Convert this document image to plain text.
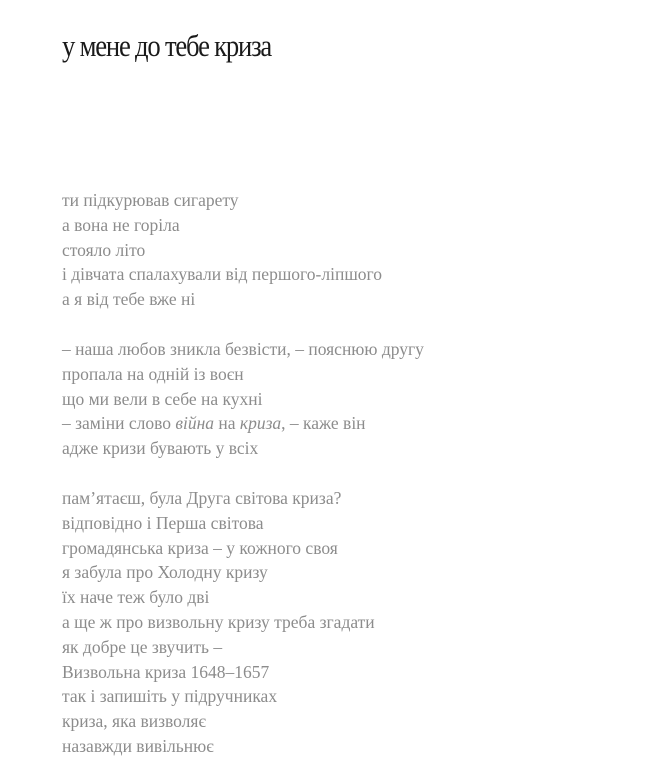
у мене до тебе криза
ти підкурював сигарету
а вона не горіла
стояло літо
і дівчата спалахували від першого-ліпшого
а я від тебе вже ні
– наша любов зникла безвісти, – пояснюю другу
пропала на одній із воєн
що ми вели в себе на кухні
– заміни слово війна на криза, – каже він
адже кризи бувають у всіх
пам’ятаєш, була Друга світова криза?
відповідно і Перша світова
громадянська криза – у кожного своя
я забула про Холодну кризу
їх наче теж було дві
а ще ж про визвольну кризу треба згадати
як добре це звучить –
Визвольна криза 1648–1657
так і запишіть у підручниках
криза, яка визволяє
назавжди вивільнює
